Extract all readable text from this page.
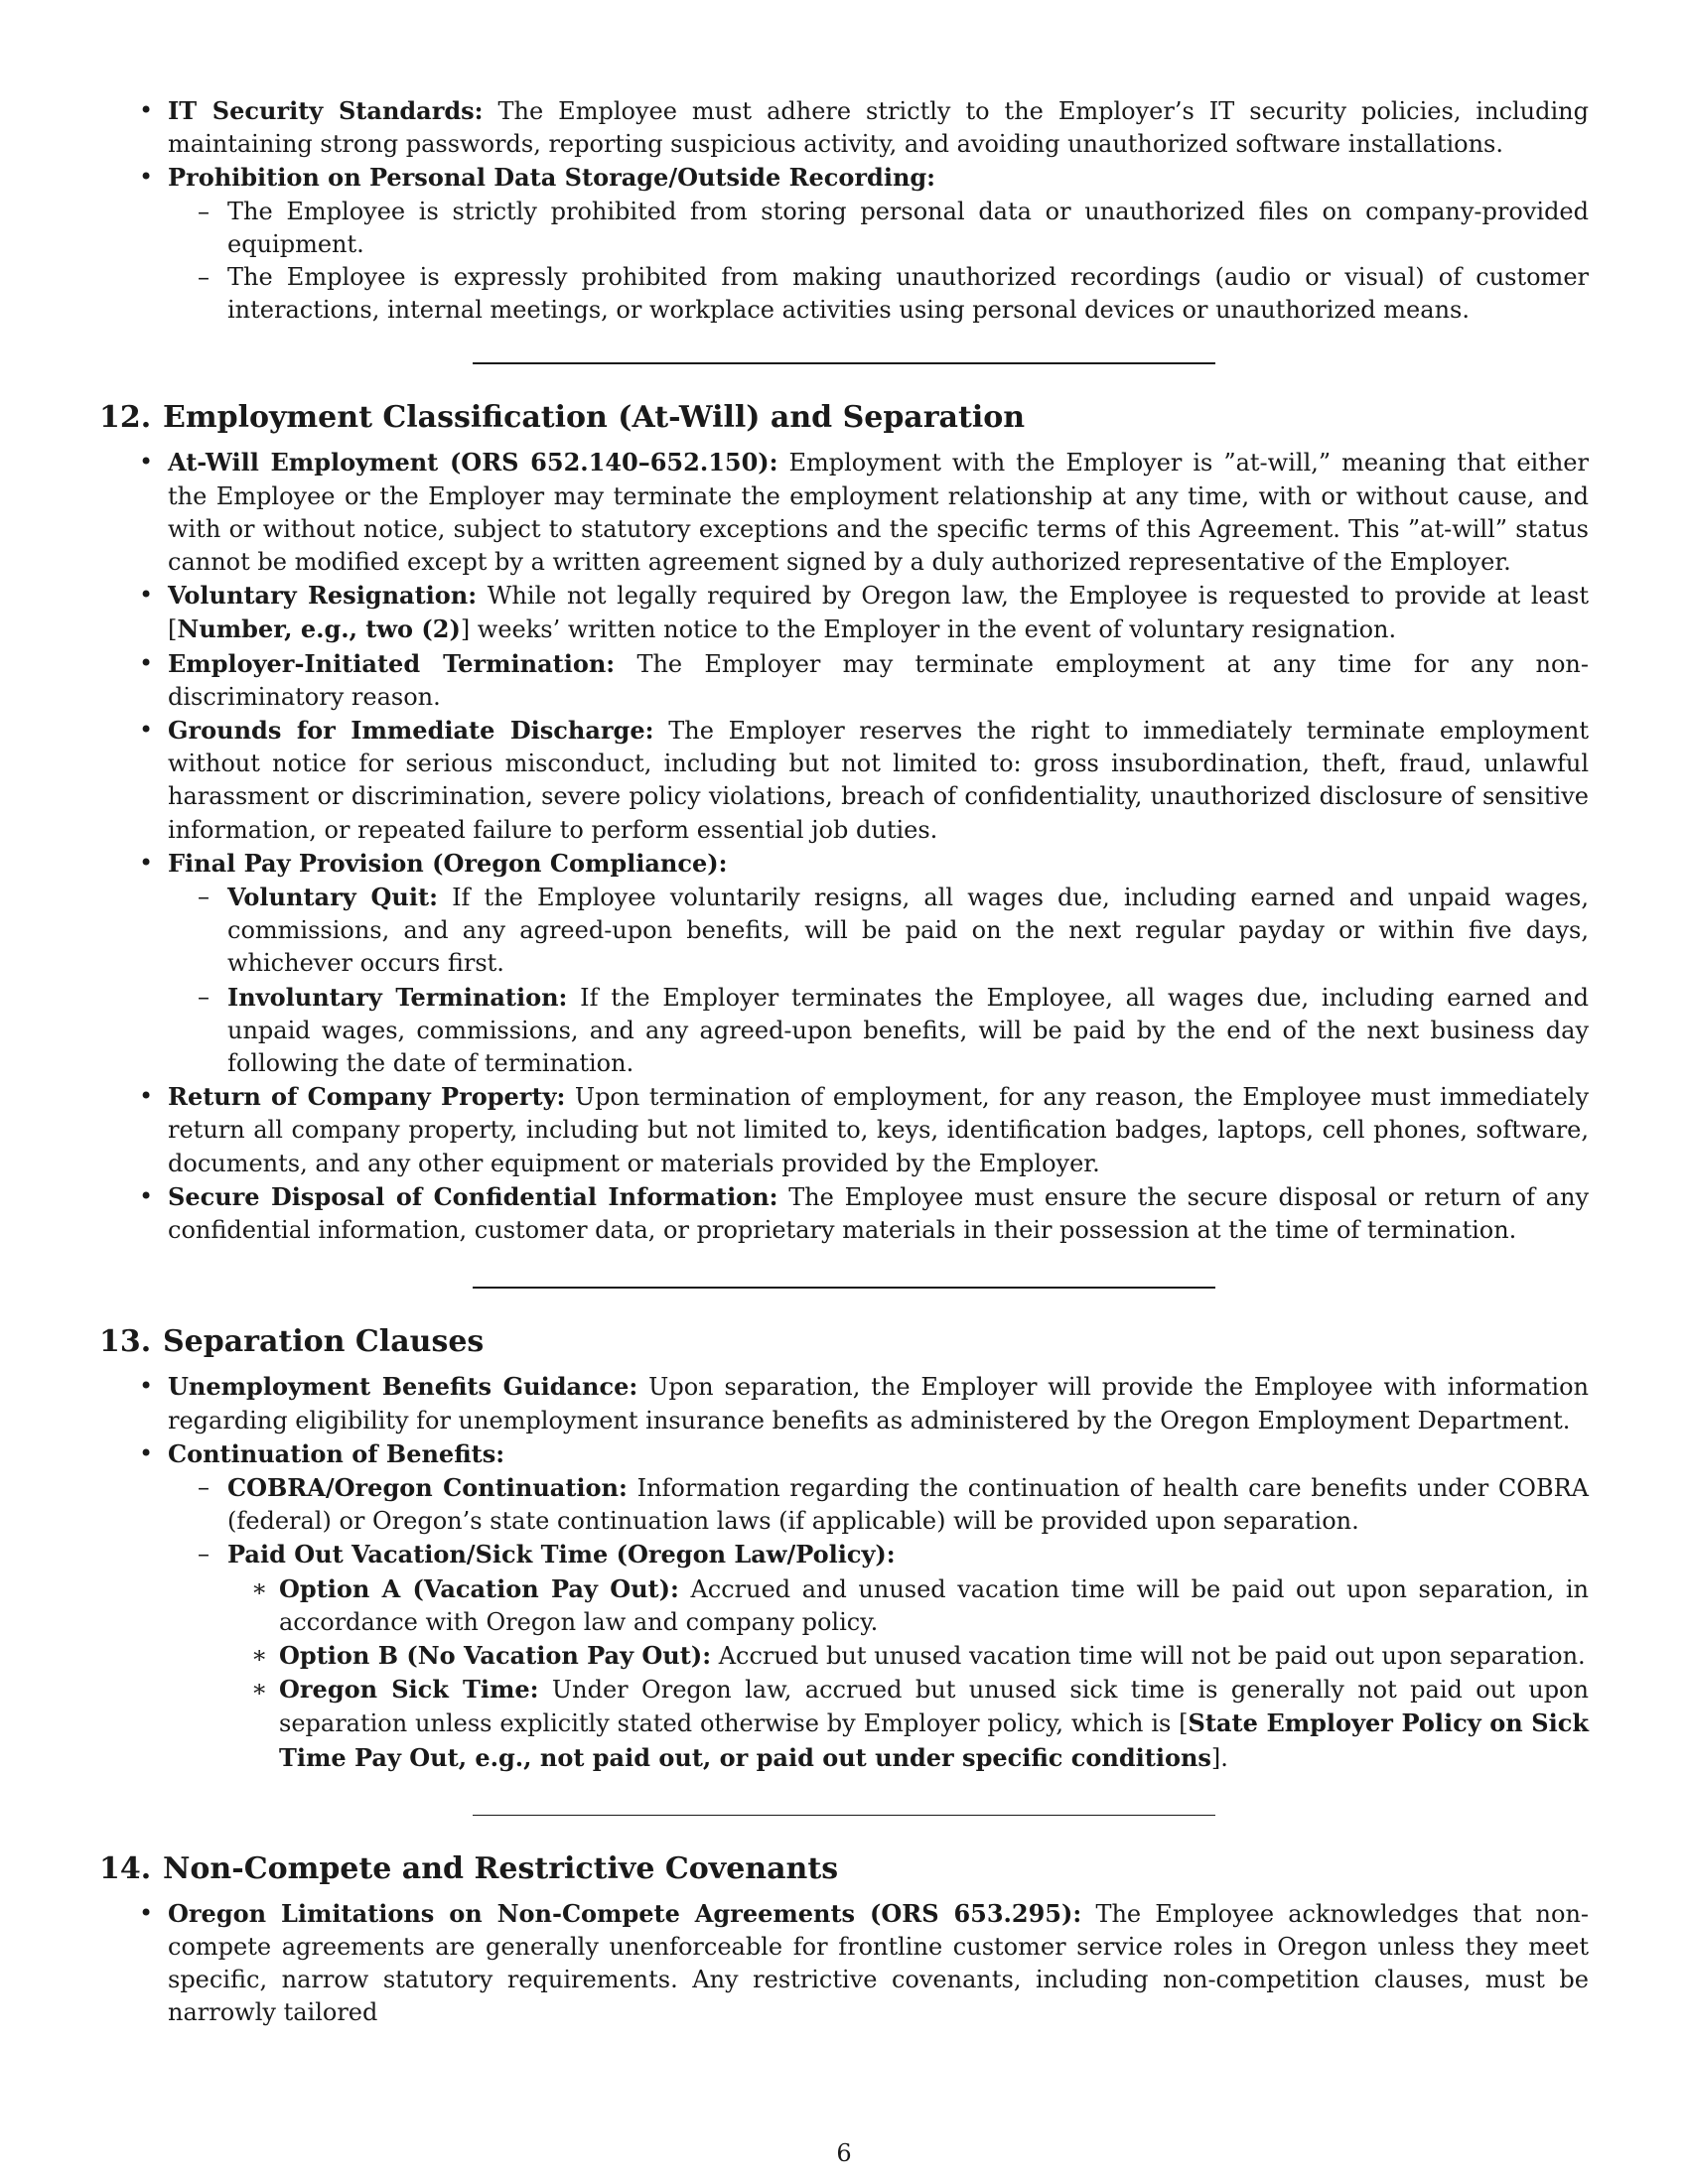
• IT Security Standards: The Employee must adhere strictly to the Employer’s IT security policies, including maintaining strong passwords, reporting suspicious activity, and avoiding unauthorized software installations.
• Prohibition on Personal Data Storage/Outside Recording:
– The Employee is strictly prohibited from storing personal data or unauthorized files on company-provided equipment.
– The Employee is expressly prohibited from making unauthorized recordings (audio or visual) of customer interactions, internal meetings, or workplace activities using personal devices or unauthorized means.
12. Employment Classification (At-Will) and Separation
• At-Will Employment (ORS 652.140–652.150): Employment with the Employer is ”at-will,” meaning that either the Employee or the Employer may terminate the employment relationship at any time, with or without cause, and with or without notice, subject to statutory exceptions and the specific terms of this Agreement. This ”at-will” status cannot be modified except by a written agreement signed by a duly authorized representative of the Employer.
• Voluntary Resignation: While not legally required by Oregon law, the Employee is requested to provide at least [Number, e.g., two (2)] weeks’ written notice to the Employer in the event of voluntary resignation.
• Employer-Initiated Termination: The Employer may terminate employment at any time for any non-discriminatory reason.
• Grounds for Immediate Discharge: The Employer reserves the right to immediately terminate employment without notice for serious misconduct, including but not limited to: gross insubordination, theft, fraud, unlawful harassment or discrimination, severe policy violations, breach of confidentiality, unauthorized disclosure of sensitive information, or repeated failure to perform essential job duties.
• Final Pay Provision (Oregon Compliance):
– Voluntary Quit: If the Employee voluntarily resigns, all wages due, including earned and unpaid wages, commissions, and any agreed-upon benefits, will be paid on the next regular payday or within five days, whichever occurs first.
– Involuntary Termination: If the Employer terminates the Employee, all wages due, including earned and unpaid wages, commissions, and any agreed-upon benefits, will be paid by the end of the next business day following the date of termination.
• Return of Company Property: Upon termination of employment, for any reason, the Employee must immediately return all company property, including but not limited to, keys, identification badges, laptops, cell phones, software, documents, and any other equipment or materials provided by the Employer.
• Secure Disposal of Confidential Information: The Employee must ensure the secure disposal or return of any confidential information, customer data, or proprietary materials in their possession at the time of termination.
13. Separation Clauses
• Unemployment Benefits Guidance: Upon separation, the Employer will provide the Employee with information regarding eligibility for unemployment insurance benefits as administered by the Oregon Employment Department.
• Continuation of Benefits:
– COBRA/Oregon Continuation: Information regarding the continuation of health care benefits under COBRA (federal) or Oregon’s state continuation laws (if applicable) will be provided upon separation.
– Paid Out Vacation/Sick Time (Oregon Law/Policy):
∗ Option A (Vacation Pay Out): Accrued and unused vacation time will be paid out upon separation, in accordance with Oregon law and company policy.
∗ Option B (No Vacation Pay Out): Accrued but unused vacation time will not be paid out upon separation.
∗ Oregon Sick Time: Under Oregon law, accrued but unused sick time is generally not paid out upon separation unless explicitly stated otherwise by Employer policy, which is [State Employer Policy on Sick Time Pay Out, e.g., not paid out, or paid out under specific conditions].
14. Non-Compete and Restrictive Covenants
• Oregon Limitations on Non-Compete Agreements (ORS 653.295): The Employee acknowledges that non-compete agreements are generally unenforceable for frontline customer service roles in Oregon unless they meet specific, narrow statutory requirements. Any restrictive covenants, including non-competition clauses, must be narrowly tailored
6
